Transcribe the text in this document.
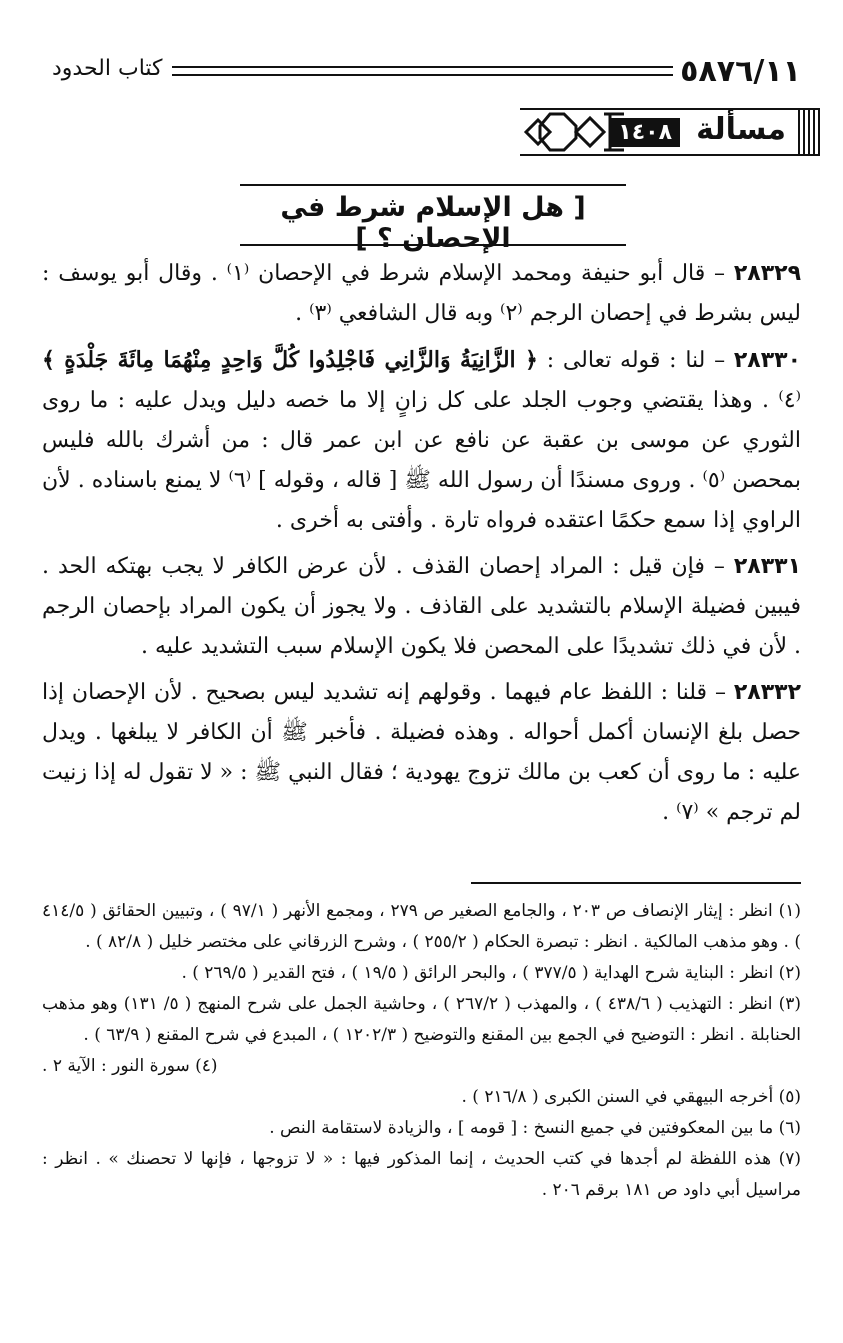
٥٨٧٦/١١
كتاب الحدود
مسألة
١٤٠٨
[ هل الإسلام شرط في الإحصان ؟ ]

٢٨٣٢٩ – قال أبو حنيفة ومحمد الإسلام شرط في الإحصان ⁽١⁾ . وقال أبو يوسف : ليس بشرط في إحصان الرجم ⁽٢⁾ وبه قال الشافعي ⁽٣⁾ .

٢٨٣٣٠ – لنا : قوله تعالى : ﴿ الزَّانِيَةُ وَالزَّانِي فَاجْلِدُوا كُلَّ وَاحِدٍ مِنْهُمَا مِائَةَ جَلْدَةٍ ﴾ ⁽٤⁾ . وهذا يقتضي وجوب الجلد على كل زانٍ إلا ما خصه دليل ويدل عليه : ما روى الثوري عن موسى بن عقبة عن نافع عن ابن عمر قال : من أشرك بالله فليس بمحصن ⁽٥⁾ . وروى مسندًا أن رسول الله ﷺ [ قاله ، وقوله ] ⁽٦⁾ لا يمنع باسناده . لأن الراوي إذا سمع حكمًا اعتقده فرواه تارة . وأفتى به أخرى .

٢٨٣٣١ – فإن قيل : المراد إحصان القذف . لأن عرض الكافر لا يجب بهتكه الحد . فيبين فضيلة الإسلام بالتشديد على القاذف . ولا يجوز أن يكون المراد بإحصان الرجم . لأن في ذلك تشديدًا على المحصن فلا يكون الإسلام سبب التشديد عليه .

٢٨٣٣٢ – قلنا : اللفظ عام فيهما . وقولهم إنه تشديد ليس بصحيح . لأن الإحصان إذا حصل بلغ الإنسان أكمل أحواله . وهذه فضيلة . فأخبر ﷺ أن الكافر لا يبلغها . ويدل عليه : ما روى أن كعب بن مالك تزوج يهودية ؛ فقال النبي ﷺ : « لا تقول له إذا زنيت لم ترجم » ⁽٧⁾ .

(١) انظر : إيثار الإنصاف ص ٢٠٣ ، والجامع الصغير ص ٢٧٩ ، ومجمع الأنهر ( ٩٧/١ ) ، وتبيين الحقائق ( ٤١٤/٥ ) . وهو مذهب المالكية . انظر : تبصرة الحكام ( ٢٥٥/٢ ) ، وشرح الزرقاني على مختصر خليل ( ٨٢/٨ ) .

(٢) انظر : البناية شرح الهداية ( ٣٧٧/٥ ) ، والبحر الرائق ( ١٩/٥ ) ، فتح القدير ( ٢٦٩/٥ ) .

(٣) انظر : التهذيب ( ٤٣٨/٦ ) ، والمهذب ( ٢٦٧/٢ ) ، وحاشية الجمل على شرح المنهج ( ٥/ ١٣١) وهو مذهب الحنابلة . انظر : التوضيح في الجمع بين المقنع والتوضيح ( ١٢٠٢/٣ ) ، المبدع في شرح المقنع ( ٦٣/٩ ) .

(٤) سورة النور : الآية ٢ .

(٥) أخرجه البيهقي في السنن الكبرى ( ٢١٦/٨ ) .

(٦) ما بين المعكوفتين في جميع النسخ : [ قومه ] ، والزيادة لاستقامة النص .

(٧) هذه اللفظة لم أجدها في كتب الحديث ، إنما المذكور فيها : « لا تزوجها ، فإنها لا تحصنك » . انظر : مراسيل أبي داود ص ١٨١ برقم ٢٠٦ .
